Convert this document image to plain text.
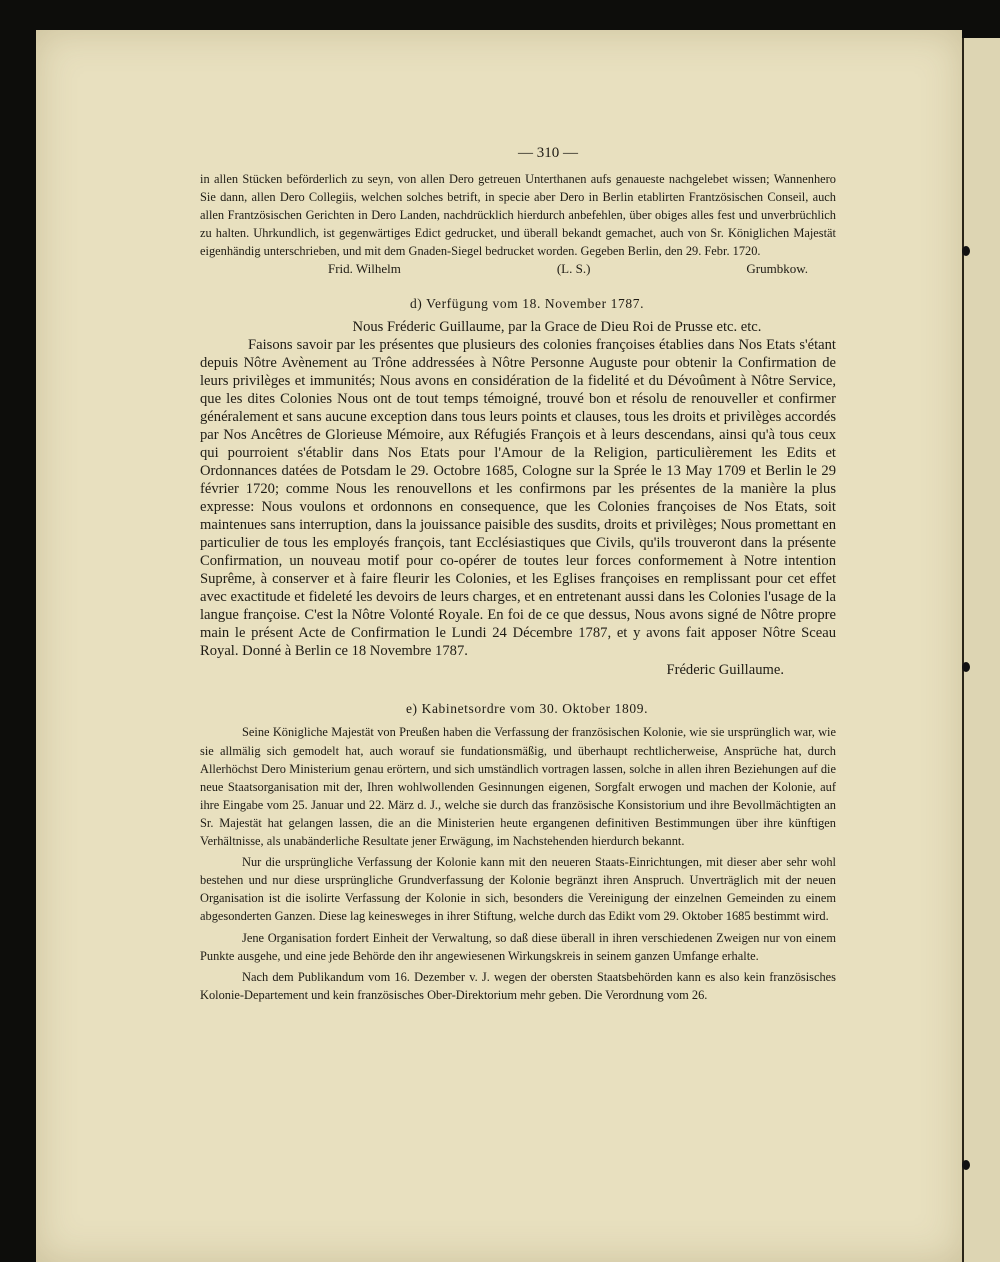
— 310 —

in allen Stücken beförderlich zu seyn, von allen Dero getreuen Unterthanen aufs genaueste nachgelebet wissen; Wannenhero Sie dann, allen Dero Collegiis, welchen solches betrift, in specie aber Dero in Berlin etablirten Frantzösischen Conseil, auch allen Frantzösischen Gerichten in Dero Landen, nachdrücklich hierdurch anbefehlen, über obiges alles fest und unverbrüchlich zu halten. Uhrkundlich, ist gegenwärtiges Edict gedrucket, und überall bekandt gemachet, auch von Sr. Königlichen Majestät eigenhändig unterschrieben, und mit dem Gnaden-Siegel bedrucket worden. Gegeben Berlin, den 29. Febr. 1720.

Frid. Wilhelm	(L. S.)	Grumbkow.
d) Verfügung vom 18. November 1787.

Nous Fréderic Guillaume, par la Grace de Dieu Roi de Prusse etc. etc.

Faisons savoir par les présentes que plusieurs des colonies françoises établies dans Nos Etats s'étant depuis Nôtre Avènement au Trône addressées à Nôtre Personne Auguste pour obtenir la Confirmation de leurs privilèges et immunités; Nous avons en considération de la fidelité et du Dévoûment à Nôtre Service, que les dites Colonies Nous ont de tout temps témoigné, trouvé bon et résolu de renouveller et confirmer généralement et sans aucune exception dans tous leurs points et clauses, tous les droits et privilèges accordés par Nos Ancêtres de Glorieuse Mémoire, aux Réfugiés François et à leurs descendans, ainsi qu'à tous ceux qui pourroient s'établir dans Nos Etats pour l'Amour de la Religion, particulièrement les Edits et Ordonnances datées de Potsdam le 29. Octobre 1685, Cologne sur la Sprée le 13 May 1709 et Berlin le 29 février 1720; comme Nous les renouvellons et les confirmons par les présentes de la manière la plus expresse: Nous voulons et ordonnons en consequence, que les Colonies françoises de Nos Etats, soit maintenues sans interruption, dans la jouissance paisible des susdits, droits et privilèges; Nous promettant en particulier de tous les employés françois, tant Ecclésiastiques que Civils, qu'ils trouveront dans la présente Confirmation, un nouveau motif pour co-opérer de toutes leur forces conformement à Notre intention Suprême, à conserver et à faire fleurir les Colonies, et les Eglises françoises en remplissant pour cet effet avec exactitude et fideleté les devoirs de leurs charges, et en entretenant aussi dans les Colonies l'usage de la langue françoise. C'est la Nôtre Volonté Royale. En foi de ce que dessus, Nous avons signé de Nôtre propre main le présent Acte de Confirmation le Lundi 24 Décembre 1787, et y avons fait apposer Nôtre Sceau Royal. Donné à Berlin ce 18 Novembre 1787.

Fréderic Guillaume.
e) Kabinetsordre vom 30. Oktober 1809.

Seine Königliche Majestät von Preußen haben die Verfassung der französischen Kolonie, wie sie ursprünglich war, wie sie allmälig sich gemodelt hat, auch worauf sie fundationsmäßig, und überhaupt rechtlicherweise, Ansprüche hat, durch Allerhöchst Dero Ministerium genau erörtern, und sich umständlich vortragen lassen, solche in allen ihren Beziehungen auf die neue Staatsorganisation mit der, Ihren wohlwollenden Gesinnungen eigenen, Sorgfalt erwogen und machen der Kolonie, auf ihre Eingabe vom 25. Januar und 22. März d. J., welche sie durch das französische Konsistorium und ihre Bevollmächtigten an Sr. Majestät hat gelangen lassen, die an die Ministerien heute ergangenen definitiven Bestimmungen über ihre künftigen Verhältnisse, als unabänderliche Resultate jener Erwägung, im Nachstehenden hierdurch bekannt.

Nur die ursprüngliche Verfassung der Kolonie kann mit den neueren Staats-Einrichtungen, mit dieser aber sehr wohl bestehen und nur diese ursprüngliche Grundverfassung der Kolonie begränzt ihren Anspruch. Unverträglich mit der neuen Organisation ist die isolirte Verfassung der Kolonie in sich, besonders die Vereinigung der einzelnen Gemeinden zu einem abgesonderten Ganzen. Diese lag keinesweges in ihrer Stiftung, welche durch das Edikt vom 29. Oktober 1685 bestimmt wird.

Jene Organisation fordert Einheit der Verwaltung, so daß diese überall in ihren verschiedenen Zweigen nur von einem Punkte ausgehe, und eine jede Behörde den ihr angewiesenen Wirkungskreis in seinem ganzen Umfange erhalte.

Nach dem Publikandum vom 16. Dezember v. J. wegen der obersten Staatsbehörden kann es also kein französisches Kolonie-Departement und kein französisches Ober-Direktorium mehr geben. Die Verordnung vom 26.
